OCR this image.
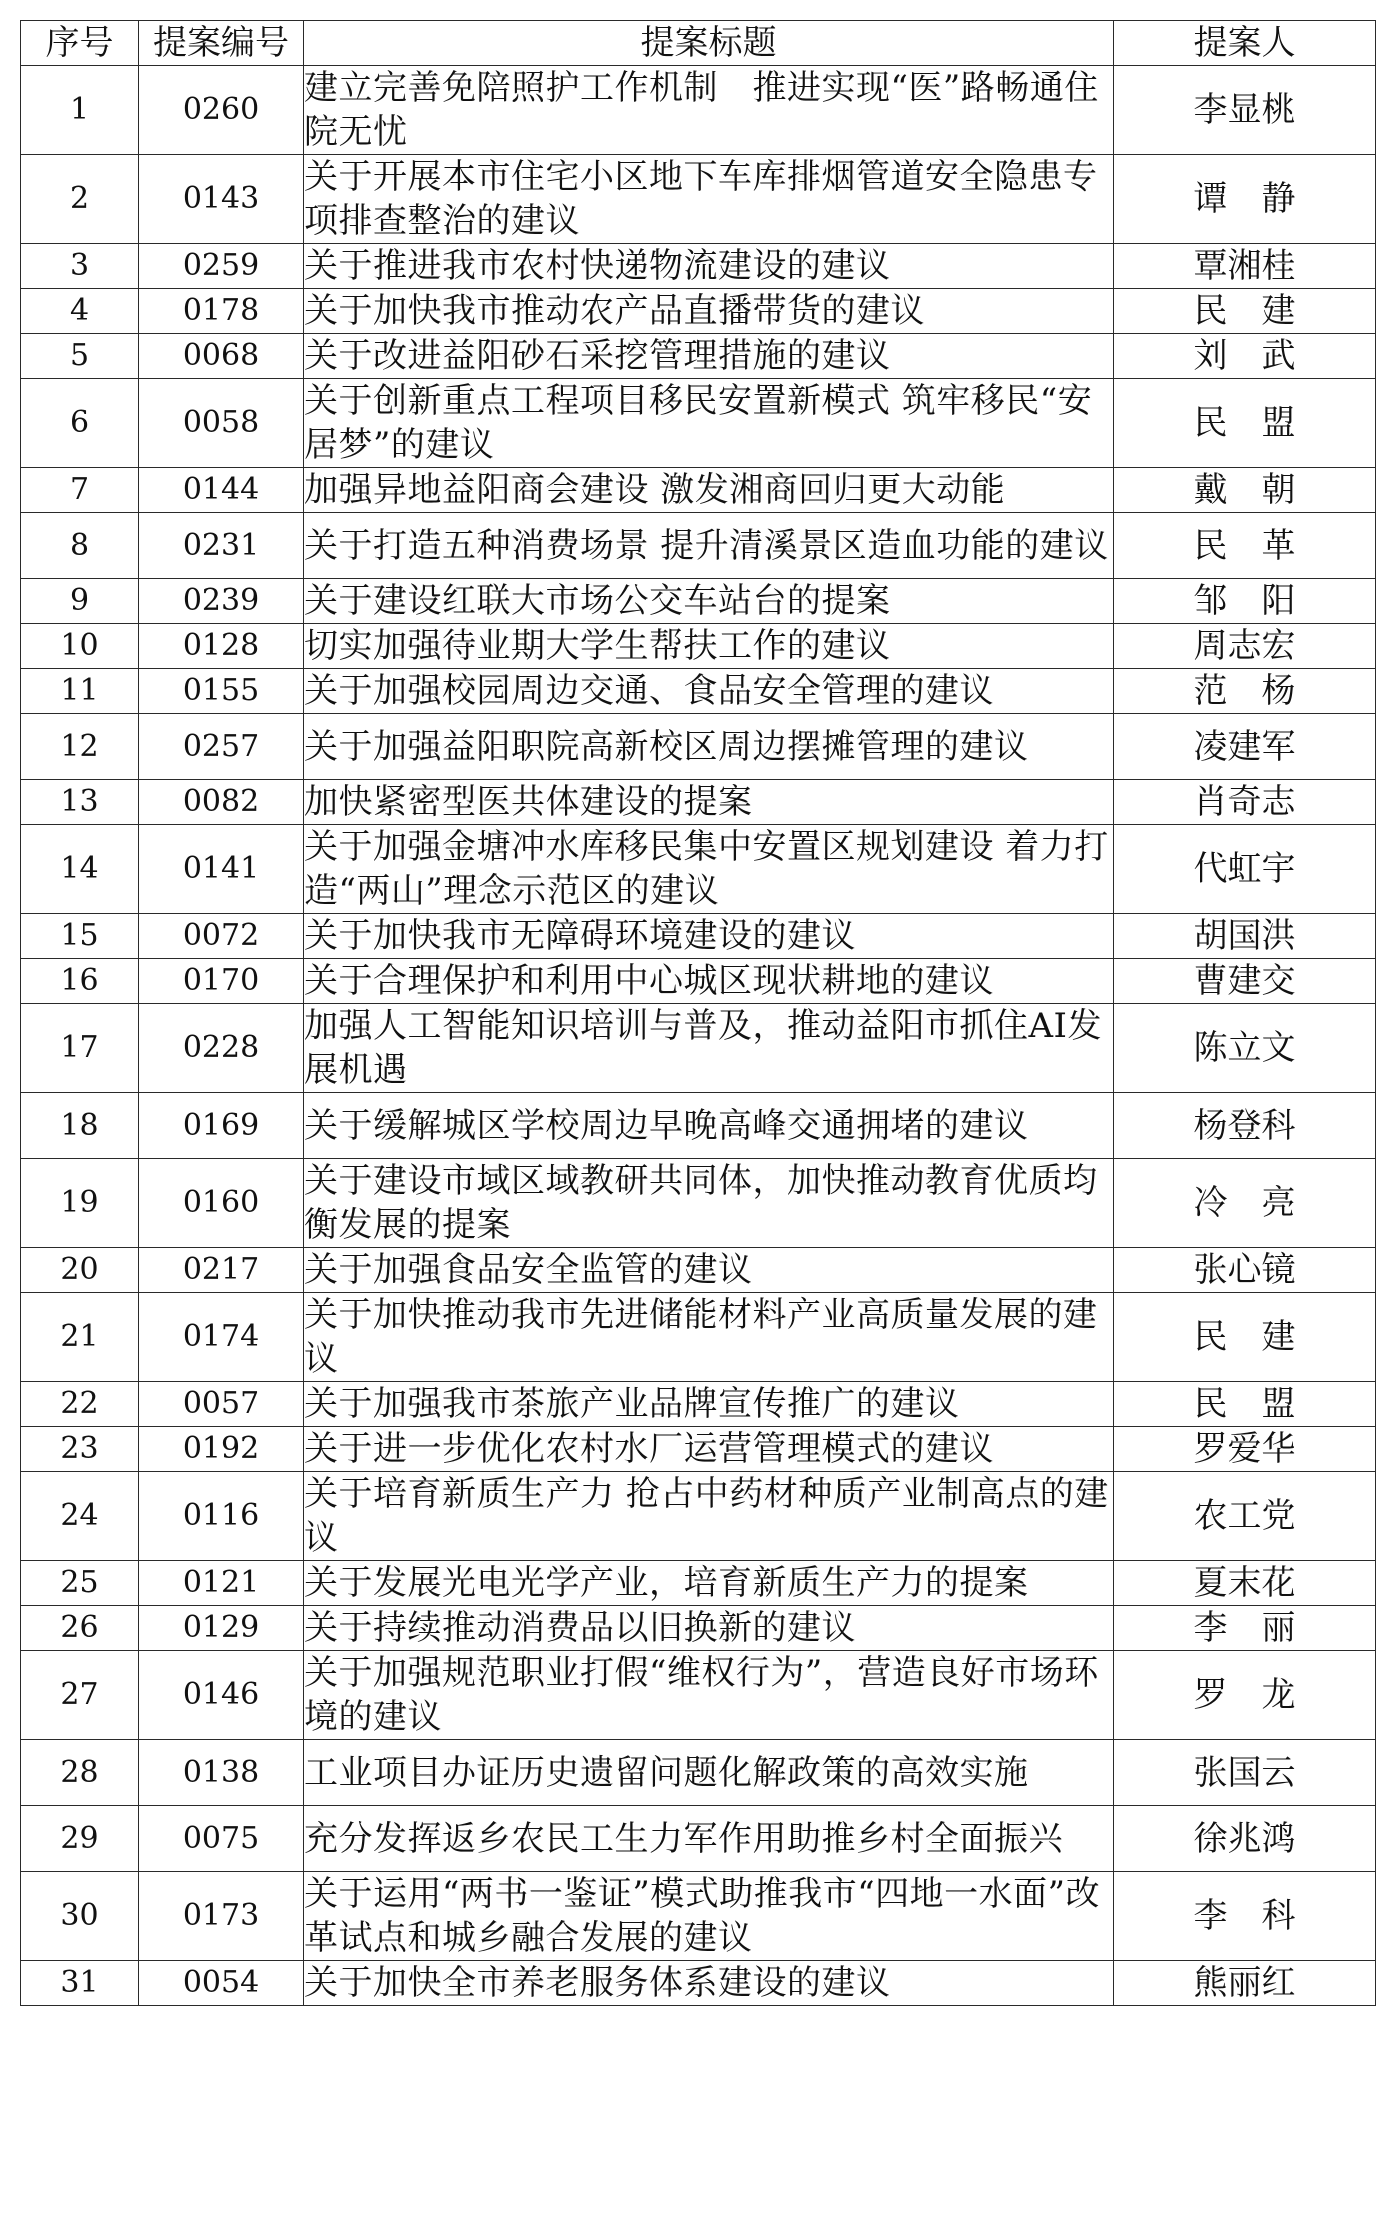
序号	提案编号	提案标题	提案人
1	0260	建立完善免陪照护工作机制　推进实现“医”路畅通住院无忧	李显桃
2	0143	关于开展本市住宅小区地下车库排烟管道安全隐患专项排查整治的建议	谭　静
3	0259	关于推进我市农村快递物流建设的建议	覃湘桂
4	0178	关于加快我市推动农产品直播带货的建议	民　建
5	0068	关于改进益阳砂石采挖管理措施的建议	刘　武
6	0058	关于创新重点工程项目移民安置新模式 筑牢移民“安居梦”的建议	民　盟
7	0144	加强异地益阳商会建设 激发湘商回归更大动能	戴　朝
8	0231	关于打造五种消费场景 提升清溪景区造血功能的建议	民　革
9	0239	关于建设红联大市场公交车站台的提案	邹　阳
10	0128	切实加强待业期大学生帮扶工作的建议	周志宏
11	0155	关于加强校园周边交通、食品安全管理的建议	范　杨
12	0257	关于加强益阳职院高新校区周边摆摊管理的建议	凌建军
13	0082	加快紧密型医共体建设的提案	肖奇志
14	0141	关于加强金塘冲水库移民集中安置区规划建设 着力打造“两山”理念示范区的建议	代虹宇
15	0072	关于加快我市无障碍环境建设的建议	胡国洪
16	0170	关于合理保护和利用中心城区现状耕地的建议	曹建交
17	0228	加强人工智能知识培训与普及，推动益阳市抓住AI发展机遇	陈立文
18	0169	关于缓解城区学校周边早晚高峰交通拥堵的建议	杨登科
19	0160	关于建设市域区域教研共同体，加快推动教育优质均衡发展的提案	冷　亮
20	0217	关于加强食品安全监管的建议	张心镜
21	0174	关于加快推动我市先进储能材料产业高质量发展的建议	民　建
22	0057	关于加强我市茶旅产业品牌宣传推广的建议	民　盟
23	0192	关于进一步优化农村水厂运营管理模式的建议	罗爱华
24	0116	关于培育新质生产力 抢占中药材种质产业制高点的建议	农工党
25	0121	关于发展光电光学产业，培育新质生产力的提案	夏末花
26	0129	关于持续推动消费品以旧换新的建议	李　丽
27	0146	关于加强规范职业打假“维权行为”，营造良好市场环境的建议	罗　龙
28	0138	工业项目办证历史遗留问题化解政策的高效实施	张国云
29	0075	充分发挥返乡农民工生力军作用助推乡村全面振兴	徐兆鸿
30	0173	关于运用“两书一鉴证”模式助推我市“四地一水面”改革试点和城乡融合发展的建议	李　科
31	0054	关于加快全市养老服务体系建设的建议	熊丽红
